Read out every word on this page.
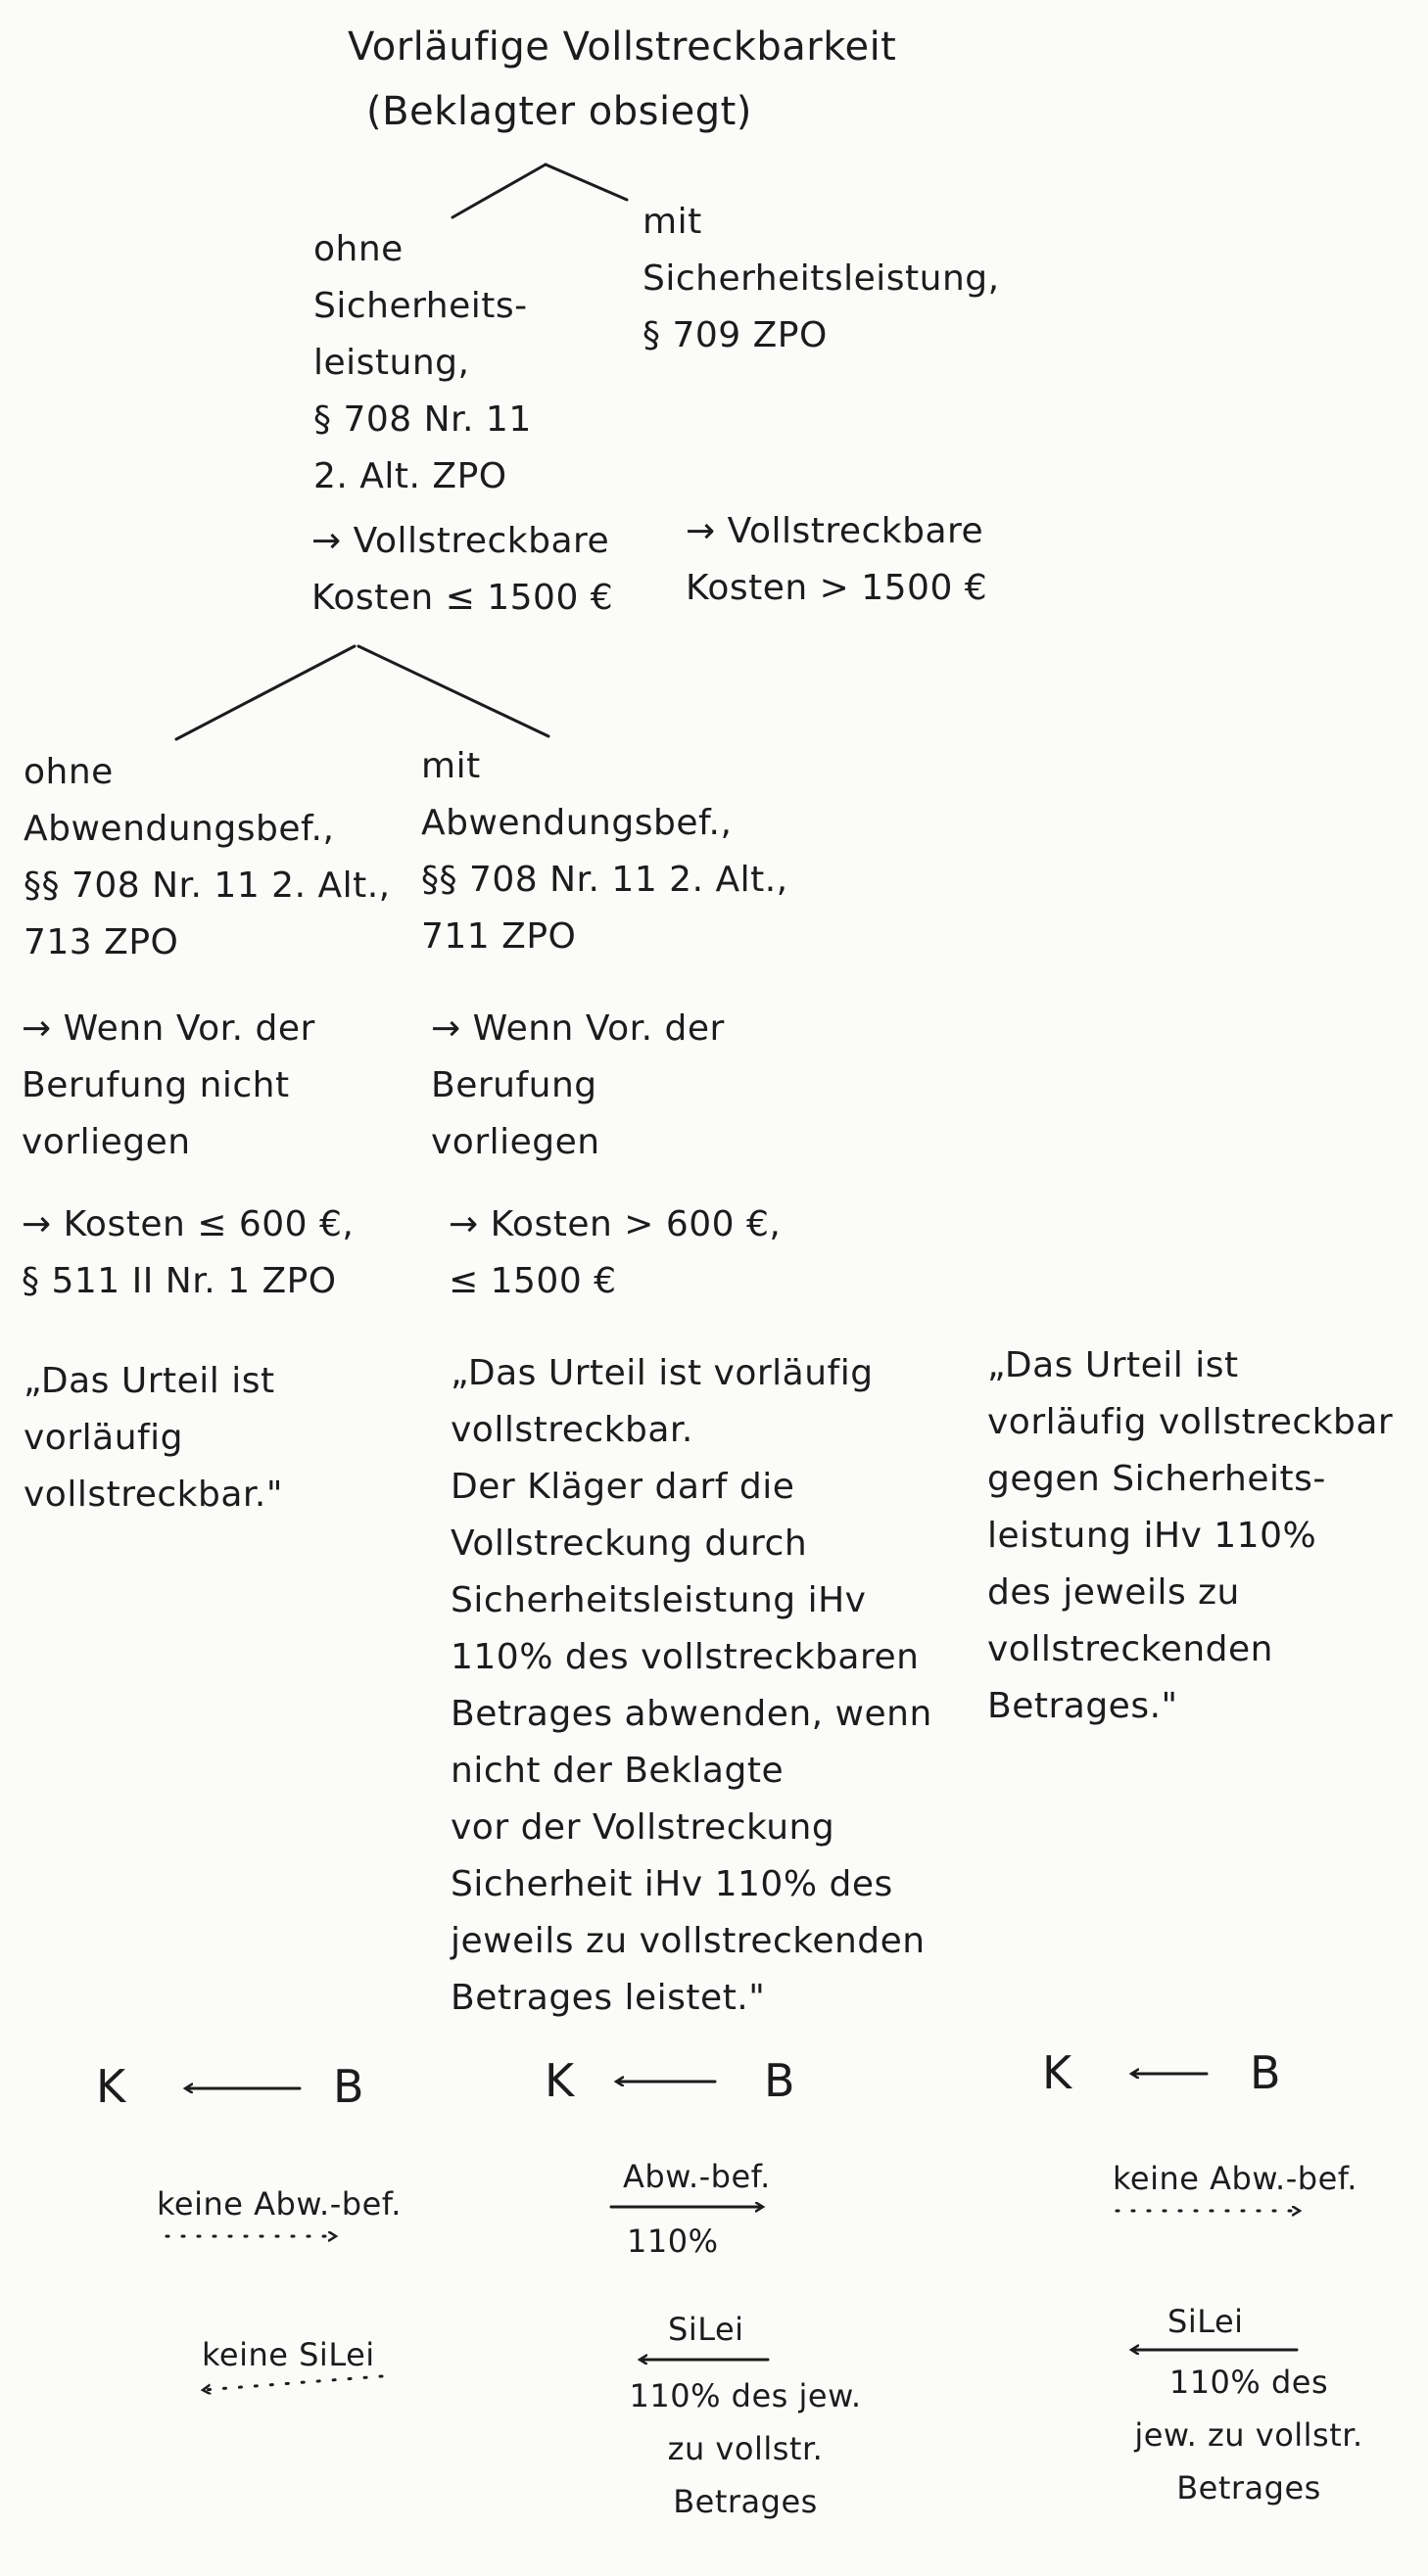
Vorläufige Vollstreckbarkeit

(Beklagter obsiegt)

ohne
Sicherheits-
leistung,
§ 708 Nr. 11
2. Alt. ZPO

mit
Sicherheitsleistung,
§ 709 ZPO

→ Vollstreckbare
Kosten ≤ 1500 €

→ Vollstreckbare
Kosten > 1500 €

ohne
Abwendungsbef.,
§§ 708 Nr. 11 2. Alt.,
713 ZPO

mit
Abwendungsbef.,
§§ 708 Nr. 11 2. Alt.,
711 ZPO

→ Wenn Vor. der
Berufung nicht
vorliegen

→ Wenn Vor. der
Berufung
vorliegen

→ Kosten ≤ 600 €,
§ 511 II Nr. 1 ZPO

→ Kosten > 600 €,
≤ 1500 €

„Das Urteil ist
vorläufig
vollstreckbar."

„Das Urteil ist vorläufig
vollstreckbar.
Der Kläger darf die
Vollstreckung durch
Sicherheitsleistung iHv
110% des vollstreckbaren
Betrages abwenden, wenn
nicht der Beklagte
vor der Vollstreckung
Sicherheit iHv 110% des
jeweils zu vollstreckenden
Betrages leistet."

„Das Urteil ist
vorläufig vollstreckbar
gegen Sicherheits-
leistung iHv 110%
des jeweils zu
vollstreckenden
Betrages."

K	B	K	B	K	B

keine Abw.-bef.

keine SiLei

Abw.-bef.

110%

SiLei

110% des jew.
zu vollstr.
Betrages

keine Abw.-bef.

SiLei

110% des
jew. zu vollstr.
Betrages
